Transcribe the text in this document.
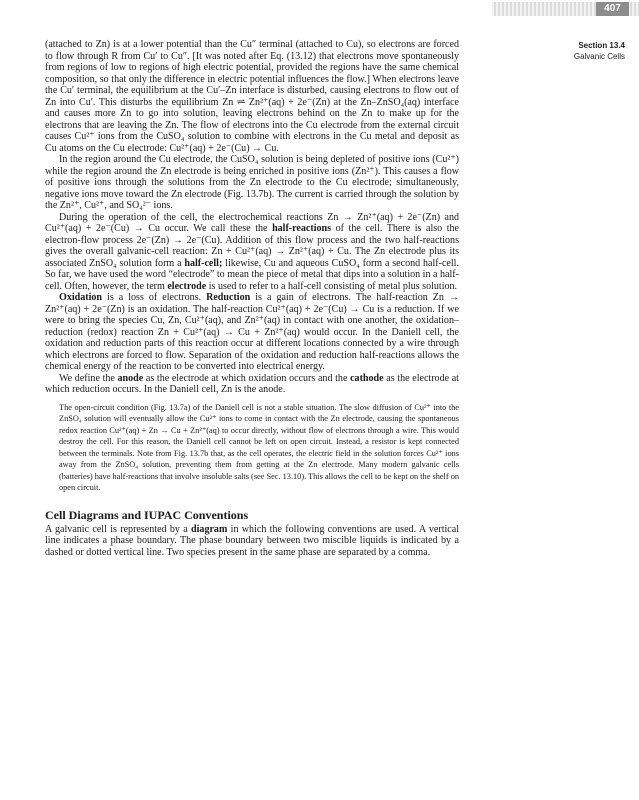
407
Section 13.4
Galvanic Cells

(attached to Zn) is at a lower potential than the Cu″ terminal (attached to Cu), so electrons are forced to flow through R from Cu′ to Cu″. [It was noted after Eq. (13.12) that electrons move spontaneously from regions of low to regions of high electric potential, provided the regions have the same chemical composition, so that only the difference in electric potential influences the flow.] When electrons leave the Cu′ terminal, the equilibrium at the Cu′–Zn interface is disturbed, causing electrons to flow out of Zn into Cu′. This disturbs the equilibrium Zn ⇌ Zn²⁺(aq) + 2e⁻(Zn) at the Zn–ZnSO₄(aq) interface and causes more Zn to go into solution, leaving electrons behind on the Zn to make up for the electrons that are leaving the Zn. The flow of electrons into the Cu electrode from the external circuit causes Cu²⁺ ions from the CuSO₄ solution to combine with electrons in the Cu metal and deposit as Cu atoms on the Cu electrode: Cu²⁺(aq) + 2e⁻(Cu) → Cu.

In the region around the Cu electrode, the CuSO₄ solution is being depleted of positive ions (Cu²⁺) while the region around the Zn electrode is being enriched in positive ions (Zn²⁺). This causes a flow of positive ions through the solutions from the Zn electrode to the Cu electrode; simultaneously, negative ions move toward the Zn electrode (Fig. 13.7b). The current is carried through the solution by the Zn²⁺, Cu²⁺, and SO₄²⁻ ions.

During the operation of the cell, the electrochemical reactions Zn → Zn²⁺(aq) + 2e⁻(Zn) and Cu²⁺(aq) + 2e⁻(Cu) → Cu occur. We call these the half-reactions of the cell. There is also the electron-flow process 2e⁻(Zn) → 2e⁻(Cu). Addition of this flow process and the two half-reactions gives the overall galvanic-cell reaction: Zn + Cu²⁺(aq) → Zn²⁺(aq) + Cu. The Zn electrode plus its associated ZnSO₄ solution form a half-cell; likewise, Cu and aqueous CuSO₄ form a second half-cell. So far, we have used the word “electrode” to mean the piece of metal that dips into a solution in a half-cell. Often, however, the term electrode is used to refer to a half-cell consisting of metal plus solution.

Oxidation is a loss of electrons. Reduction is a gain of electrons. The half-reaction Zn → Zn²⁺(aq) + 2e⁻(Zn) is an oxidation. The half-reaction Cu²⁺(aq) + 2e⁻(Cu) → Cu is a reduction. If we were to bring the species Cu, Zn, Cu²⁺(aq), and Zn²⁺(aq) in contact with one another, the oxidation–reduction (redox) reaction Zn + Cu²⁺(aq) → Cu + Zn²⁺(aq) would occur. In the Daniell cell, the oxidation and reduction parts of this reaction occur at different locations connected by a wire through which electrons are forced to flow. Separation of the oxidation and reduction half-reactions allows the chemical energy of the reaction to be converted into electrical energy.

We define the anode as the electrode at which oxidation occurs and the cathode as the electrode at which reduction occurs. In the Daniell cell, Zn is the anode.

The open-circuit condition (Fig. 13.7a) of the Daniell cell is not a stable situation. The slow diffusion of Cu²⁺ into the ZnSO₄ solution will eventually allow the Cu²⁺ ions to come in contact with the Zn electrode, causing the spontaneous redox reaction Cu²⁺(aq) + Zn → Cu + Zn²⁺(aq) to occur directly, without flow of electrons through a wire. This would destroy the cell. For this reason, the Daniell cell cannot be left on open circuit. Instead, a resistor is kept connected between the terminals. Note from Fig. 13.7b that, as the cell operates, the electric field in the solution forces Cu²⁺ ions away from the ZnSO₄ solution, preventing them from getting at the Zn electrode. Many modern galvanic cells (batteries) have half-reactions that involve insoluble salts (see Sec. 13.10). This allows the cell to be kept on the shelf on open circuit.

Cell Diagrams and IUPAC Conventions

A galvanic cell is represented by a diagram in which the following conventions are used. A vertical line indicates a phase boundary. The phase boundary between two miscible liquids is indicated by a dashed or dotted vertical line. Two species present in the same phase are separated by a comma.
